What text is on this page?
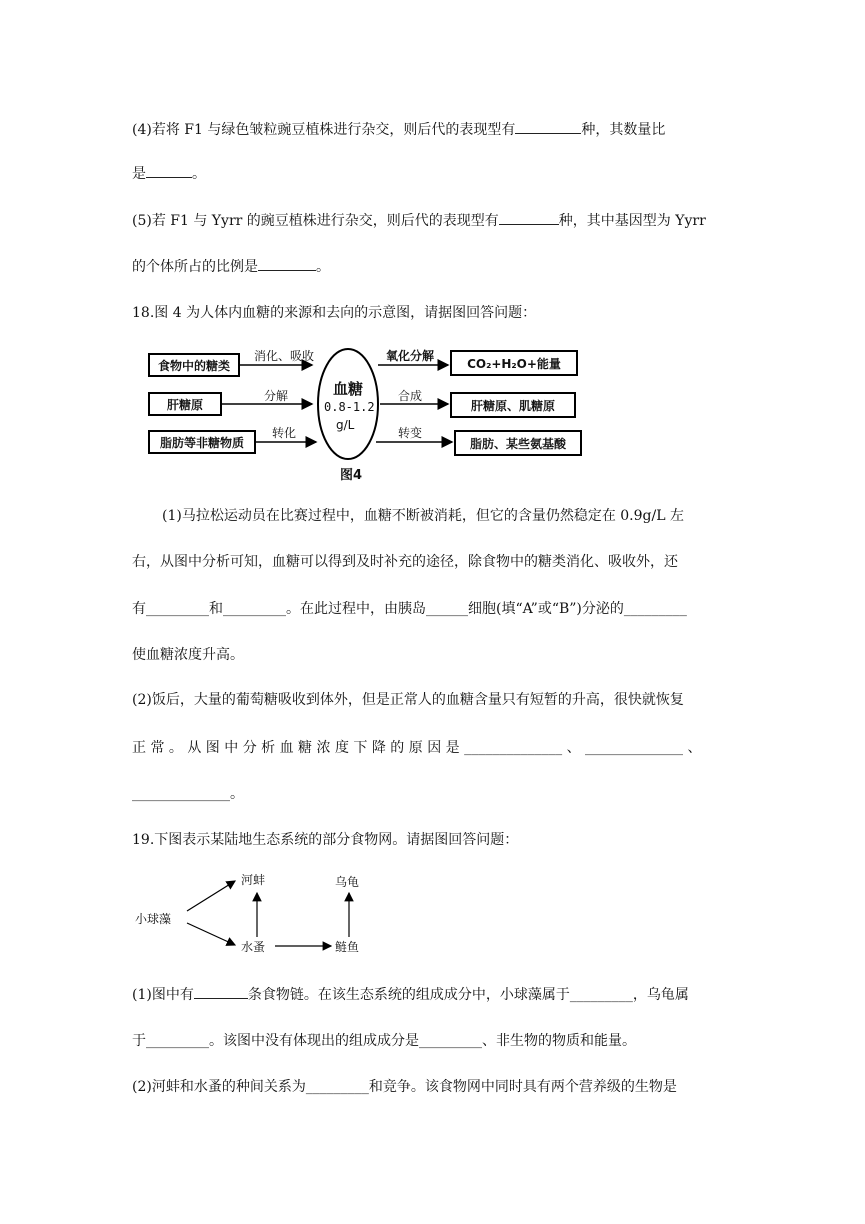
(4)若将 F1 与绿色皱粒豌豆植株进行杂交，则后代的表现型有	种，其数量比
是	。
(5)若 F1 与 Yyrr 的豌豆植株进行杂交，则后代的表现型有	种，其中基因型为 Yyrr
的个体所占的比例是	。
18.图 4 为人体内血糖的来源和去向的示意图，请据图回答问题：
食物中的糖类
肝糖原
脂肪等非糖物质
消化、吸收
分解
转化
血糖
0.8-1.2
g/L
氧化分解
合成
转变
CO₂+H₂O+能量
肝糖原、肌糖原
脂肪、某些氨基酸
图4
(1)马拉松运动员在比赛过程中，血糖不断被消耗，但它的含量仍然稳定在 0.9g/L 左
右，从图中分析可知，血糖可以得到及时补充的途径，除食物中的糖类消化、吸收外，还
有_________和_________。在此过程中，由胰岛______细胞(填“A”或“B”)分泌的_________
使血糖浓度升高。
(2)饭后，大量的葡萄糖吸收到体外，但是正常人的血糖含量只有短暂的升高，很快就恢复
正 常 。 从 图 中 分 析 血 糖 浓 度 下 降 的 原 因 是 ______________ 、 ______________ 、
______________。
19.下图表示某陆地生态系统的部分食物网。请据图回答问题：
小球藻
河蚌
水蚤	鲢鱼
乌龟
(1)图中有	条食物链。在该生态系统的组成成分中，小球藻属于_________，乌龟属
于_________。该图中没有体现出的组成成分是_________、非生物的物质和能量。
(2)河蚌和水蚤的种间关系为_________和竞争。该食物网中同时具有两个营养级的生物是
